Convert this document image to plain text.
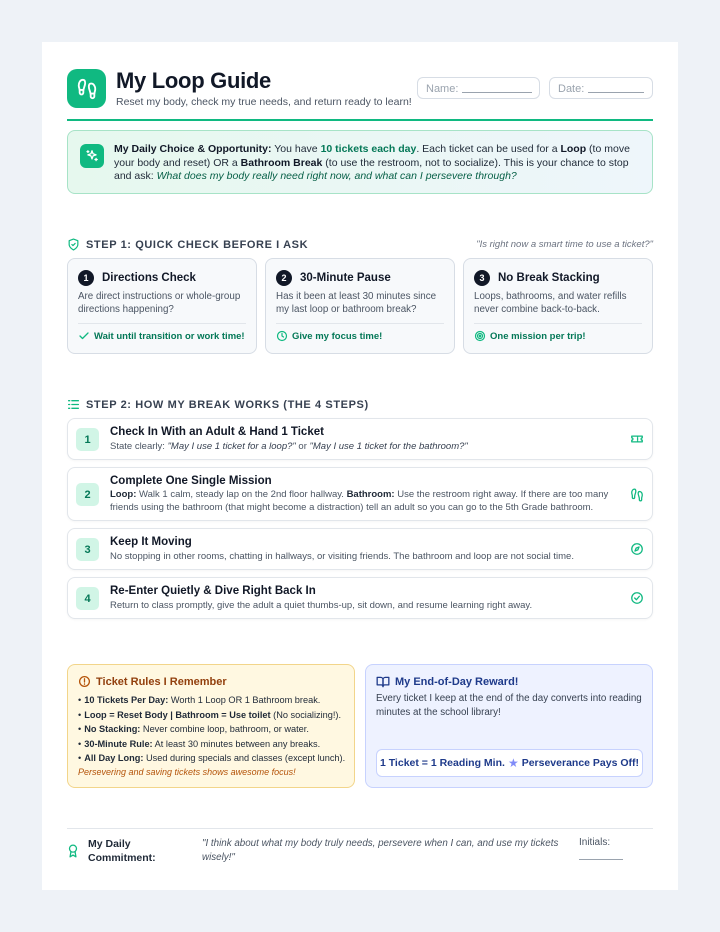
My Loop Guide
Reset my body, check my true needs, and return ready to learn!
Name:	Date:
My Daily Choice & Opportunity: You have 10 tickets each day. Each ticket can be used for a Loop (to move your body and reset) OR a Bathroom Break (to use the restroom, not to socialize). This is your chance to stop and ask: What does my body really need right now, and what can I persevere through?
STEP 1: QUICK CHECK BEFORE I ASK	"Is right now a smart time to use a ticket?"
1	Directions Check
Are direct instructions or whole-group directions happening?
Wait until transition or work time!
2	30-Minute Pause
Has it been at least 30 minutes since my last loop or bathroom break?
Give my focus time!
3	No Break Stacking
Loops, bathrooms, and water refills never combine back-to-back.
One mission per trip!
STEP 2: HOW MY BREAK WORKS (THE 4 STEPS)
1
Check In With an Adult & Hand 1 Ticket
State clearly: "May I use 1 ticket for a loop?" or "May I use 1 ticket for the bathroom?"
2
Complete One Single Mission
Loop: Walk 1 calm, steady lap on the 2nd floor hallway. Bathroom: Use the restroom right away. If there are too many friends using the bathroom (that might become a distraction) tell an adult so you can go to the 5th Grade bathroom.
3
Keep It Moving
No stopping in other rooms, chatting in hallways, or visiting friends. The bathroom and loop are not social time.
4
Re-Enter Quietly & Dive Right Back In
Return to class promptly, give the adult a quiet thumbs-up, sit down, and resume learning right away.
Ticket Rules I Remember
• 10 Tickets Per Day: Worth 1 Loop OR 1 Bathroom break.
• Loop = Reset Body | Bathroom = Use toilet (No socializing!).
• No Stacking: Never combine loop, bathroom, or water.
• 30-Minute Rule: At least 30 minutes between any breaks.
• All Day Long: Used during specials and classes (except lunch).
Persevering and saving tickets shows awesome focus!
My End-of-Day Reward!
Every ticket I keep at the end of the day converts into reading minutes at the school library!
1 Ticket = 1 Reading Min. ★ Perseverance Pays Off!
My Daily Commitment:
"I think about what my body truly needs, persevere when I can, and use my tickets wisely!"
Initials:
